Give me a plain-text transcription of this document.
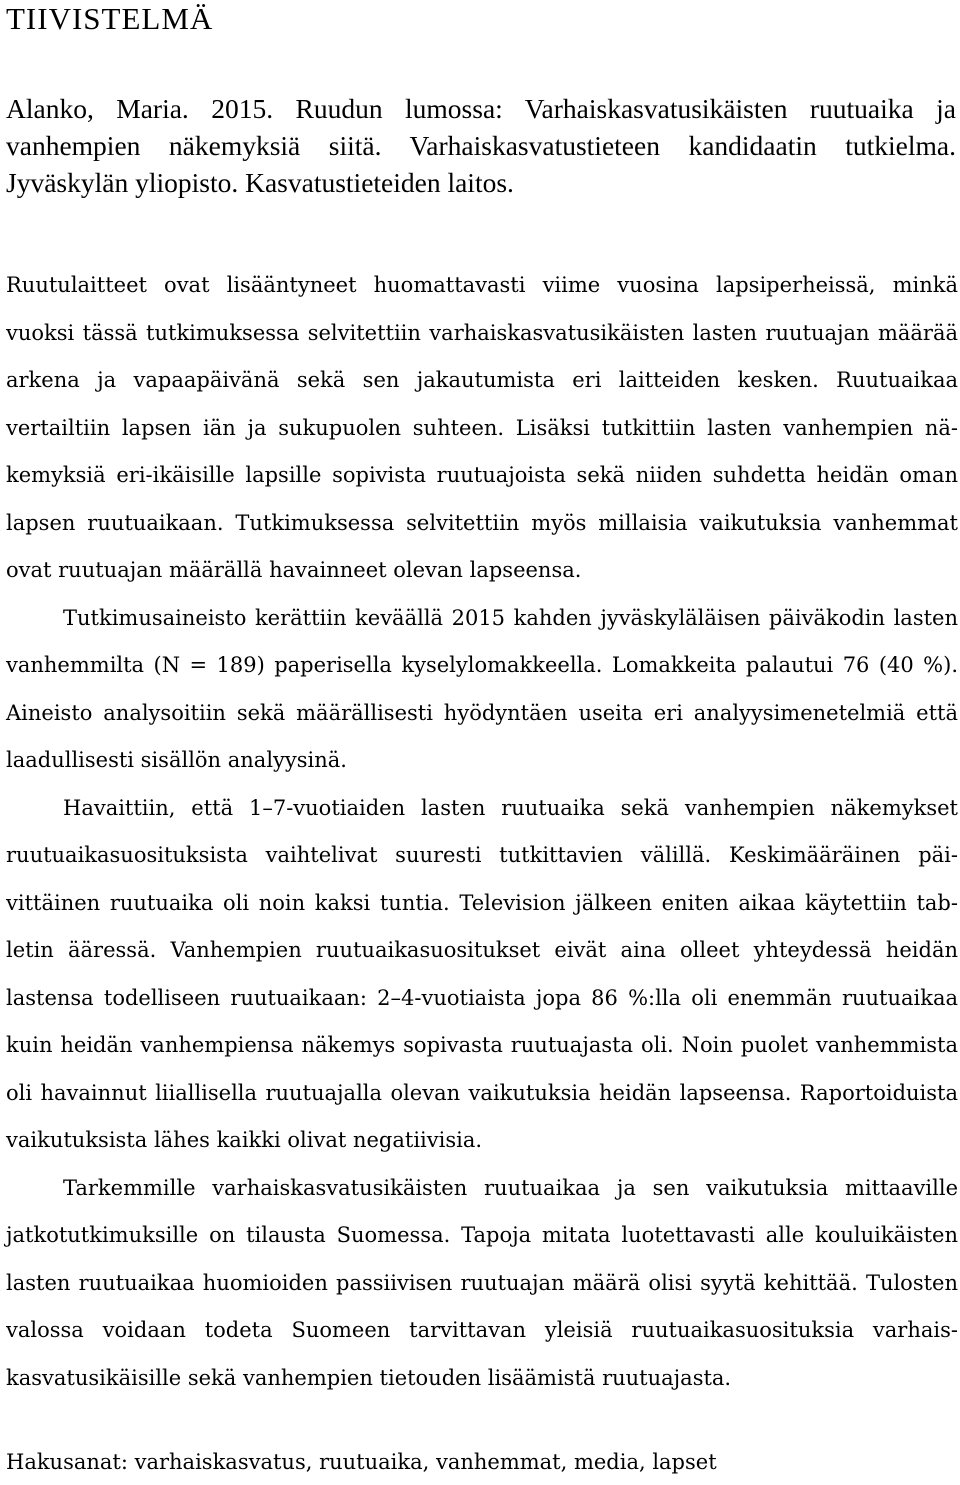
TIIVISTELMÄ

Alanko, Maria. 2015. Ruudun lumossa: Varhaiskasvatusikäisten ruutuaika ja vanhempien näkemyksiä siitä. Varhaiskasvatustieteen kandidaatin tutkielma. Jyväskylän yliopisto. Kasvatustieteiden laitos.

Ruutulaitteet ovat lisääntyneet huomattavasti viime vuosina lapsiperheissä, minkä vuoksi tässä tutkimuksessa selvitettiin varhaiskasvatusikäisten lasten ruutuajan määrää arkena ja vapaapäivänä sekä sen jakautumista eri laitteiden kesken. Ruutuaikaa vertailtiin lapsen iän ja sukupuolen suhteen. Lisäksi tutkittiin lasten vanhempien näkemyksiä eri-ikäisille lapsille sopivista ruutuajoista sekä niiden suhdetta heidän oman lapsen ruutuaikaan. Tutkimuksessa selvitettiin myös millaisia vaikutuksia vanhemmat ovat ruutuajan määrällä havainneet olevan lapseensa.

Tutkimusaineisto kerättiin keväällä 2015 kahden jyväskyläläisen päiväkodin lasten vanhemmilta (N = 189) paperisella kyselylomakkeella. Lomakkeita palautui 76 (40 %). Aineisto analysoitiin sekä määrällisesti hyödyntäen useita eri analyysimenetelmiä että laadullisesti sisällön analyysinä.

Havaittiin, että 1–7-vuotiaiden lasten ruutuaika sekä vanhempien näkemykset ruutuaikasuosituksista vaihtelivat suuresti tutkittavien välillä. Keskimääräinen päivittäinen ruutuaika oli noin kaksi tuntia. Television jälkeen eniten aikaa käytettiin tabletin ääressä. Vanhempien ruutuaikasuositukset eivät aina olleet yhteydessä heidän lastensa todelliseen ruutuaikaan: 2–4-vuotiaista jopa 86 %:lla oli enemmän ruutuaikaa kuin heidän vanhempiensa näkemys sopivasta ruutuajasta oli. Noin puolet vanhemmista oli havainnut liiallisella ruutuajalla olevan vaikutuksia heidän lapseensa. Raportoiduista vaikutuksista lähes kaikki olivat negatiivisia.

Tarkemmille varhaiskasvatusikäisten ruutuaikaa ja sen vaikutuksia mittaaville jatkotutkimuksille on tilausta Suomessa. Tapoja mitata luotettavasti alle kouluikäisten lasten ruutuaikaa huomioiden passiivisen ruutuajan määrä olisi syytä kehittää. Tulosten valossa voidaan todeta Suomeen tarvittavan yleisiä ruutuaikasuosituksia varhaiskasvatusikäisille sekä vanhempien tietouden lisäämistä ruutuajasta.

Hakusanat: varhaiskasvatus, ruutuaika, vanhemmat, media, lapset
